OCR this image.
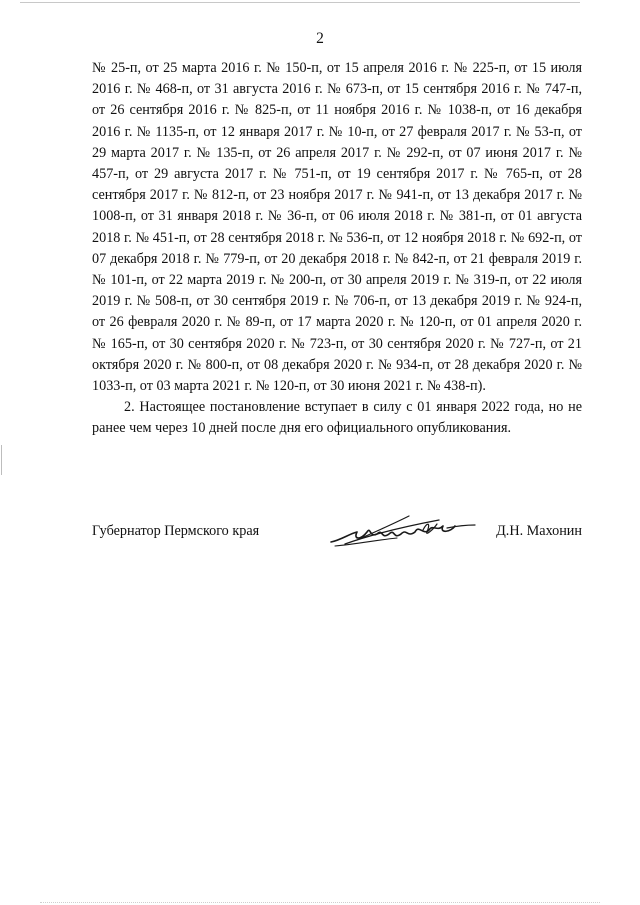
2

№ 25-п, от 25 марта 2016 г. № 150-п, от 15 апреля 2016 г. № 225-п, от 15 июля 2016 г. № 468-п, от 31 августа 2016 г. № 673-п, от 15 сентября 2016 г. № 747-п, от 26 сентября 2016 г. № 825-п, от 11 ноября 2016 г. № 1038-п, от 16 декабря 2016 г. № 1135-п, от 12 января 2017 г. № 10-п, от 27 февраля 2017 г. № 53-п, от 29 марта 2017 г. № 135-п, от 26 апреля 2017 г. № 292-п, от 07 июня 2017 г. № 457-п, от 29 августа 2017 г. № 751-п, от 19 сентября 2017 г. № 765-п, от 28 сентября 2017 г. № 812-п, от 23 ноября 2017 г. № 941-п, от 13 декабря 2017 г. № 1008-п, от 31 января 2018 г. № 36-п, от 06 июля 2018 г. № 381-п, от 01 августа 2018 г. № 451-п, от 28 сентября 2018 г. № 536-п, от 12 ноября 2018 г. № 692-п, от 07 декабря 2018 г. № 779-п, от 20 декабря 2018 г. № 842-п, от 21 февраля 2019 г. № 101-п, от 22 марта 2019 г. № 200-п, от 30 апреля 2019 г. № 319-п, от 22 июля 2019 г. № 508-п, от 30 сентября 2019 г. № 706-п, от 13 декабря 2019 г. № 924-п, от 26 февраля 2020 г. № 89-п, от 17 марта 2020 г. № 120-п, от 01 апреля 2020 г. № 165-п, от 30 сентября 2020 г. № 723-п, от 30 сентября 2020 г. № 727-п, от 21 октября 2020 г. № 800-п, от 08 декабря 2020 г. № 934-п, от 28 декабря 2020 г. № 1033-п, от 03 марта 2021 г. № 120-п, от 30 июня 2021 г. № 438-п).

2. Настоящее постановление вступает в силу с 01 января 2022 года, но не ранее чем через 10 дней после дня его официального опубликования.

Губернатор Пермского края	Д.Н. Махонин
